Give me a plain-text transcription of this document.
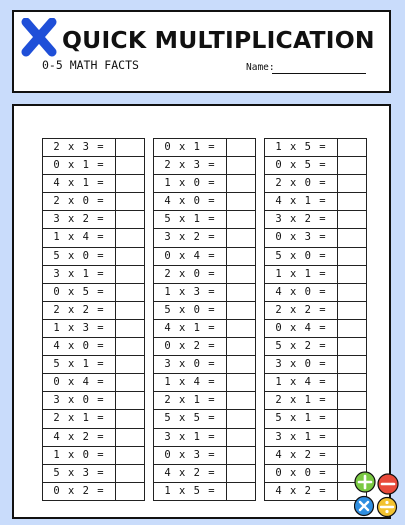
QUICK MULTIPLICATION
0-5 MATH FACTS	Name:
2 x 3 =
0 x 1 =
4 x 1 =
2 x 0 =
3 x 2 =
1 x 4 =
5 x 0 =
3 x 1 =
0 x 5 =
2 x 2 =
1 x 3 =
4 x 0 =
5 x 1 =
0 x 4 =
3 x 0 =
2 x 1 =
4 x 2 =
1 x 0 =
5 x 3 =
0 x 2 =
0 x 1 =
2 x 3 =
1 x 0 =
4 x 0 =
5 x 1 =
3 x 2 =
0 x 4 =
2 x 0 =
1 x 3 =
5 x 0 =
4 x 1 =
0 x 2 =
3 x 0 =
1 x 4 =
2 x 1 =
5 x 5 =
3 x 1 =
0 x 3 =
4 x 2 =
1 x 5 =
1 x 5 =
0 x 5 =
2 x 0 =
4 x 1 =
3 x 2 =
0 x 3 =
5 x 0 =
1 x 1 =
4 x 0 =
2 x 2 =
0 x 4 =
5 x 2 =
3 x 0 =
1 x 4 =
2 x 1 =
5 x 1 =
3 x 1 =
4 x 2 =
0 x 0 =
4 x 2 =
